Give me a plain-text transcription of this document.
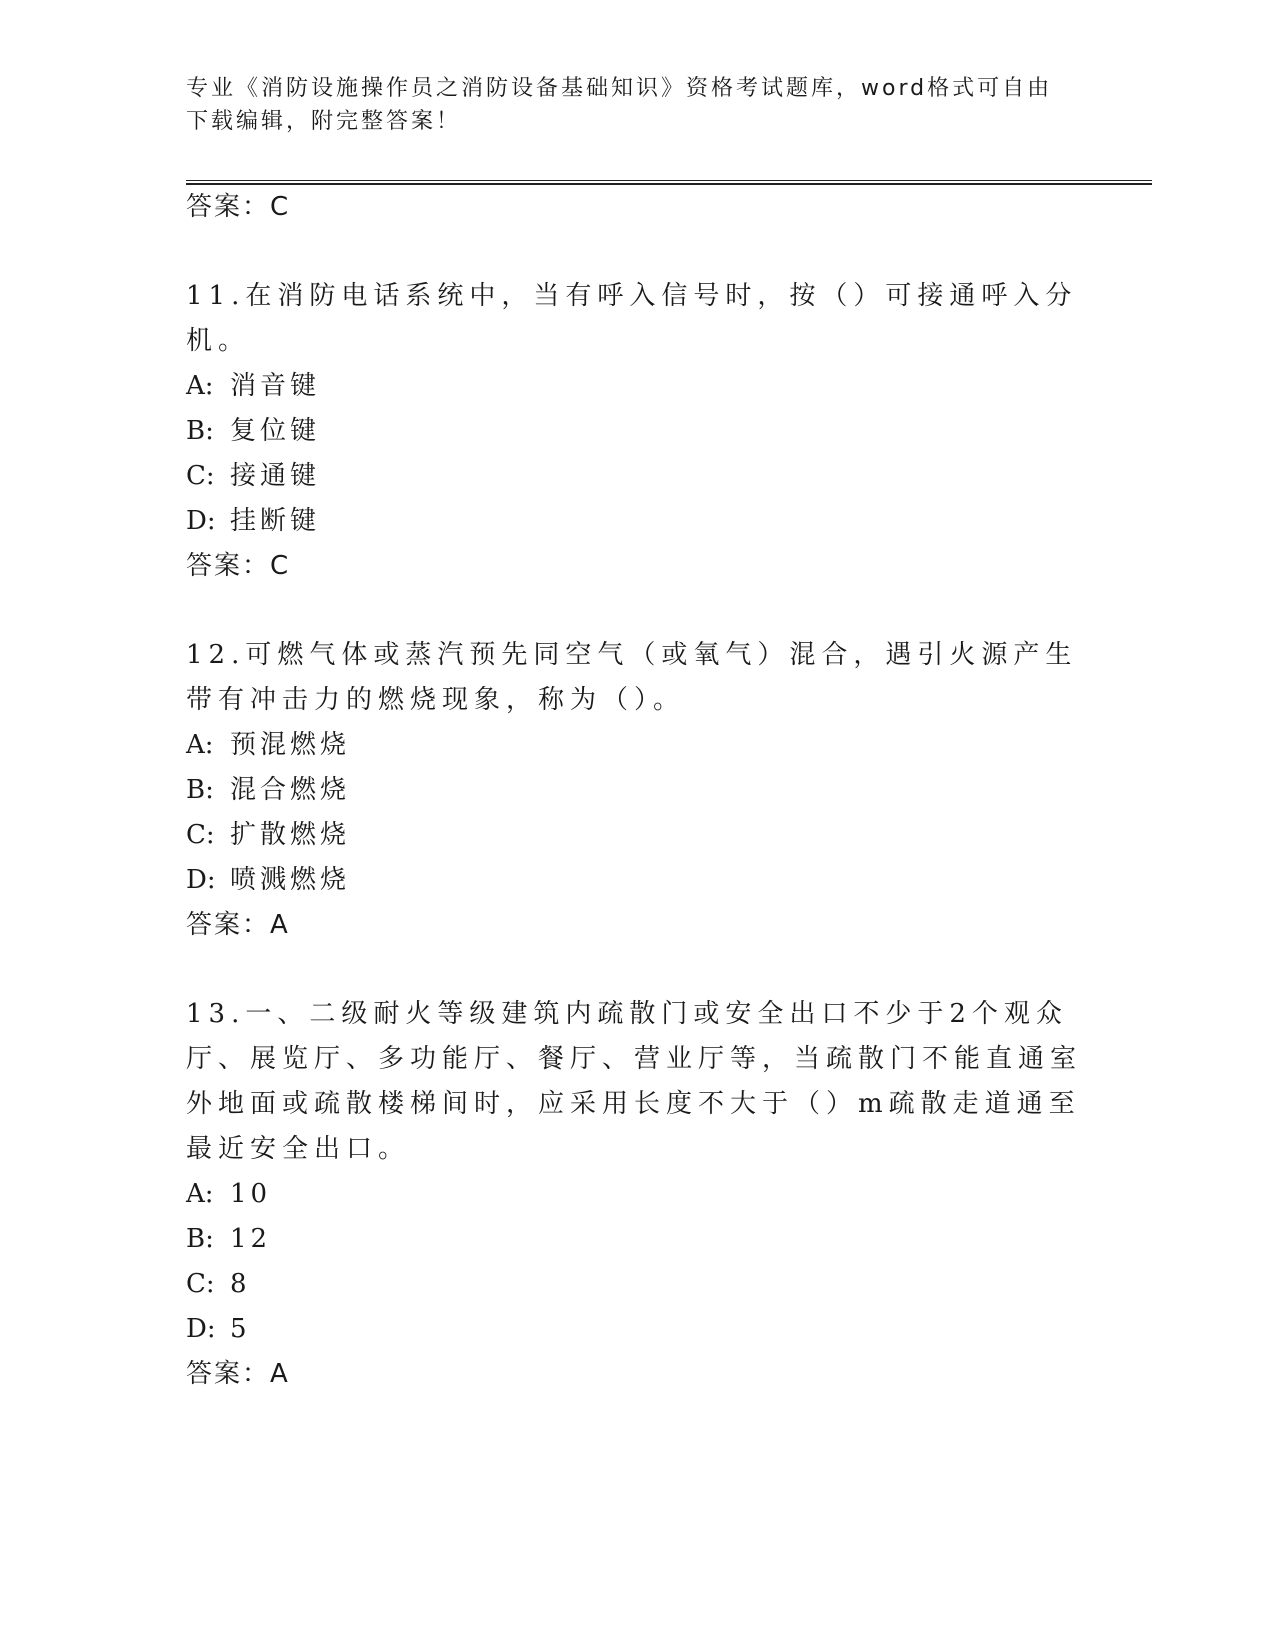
专业《消防设施操作员之消防设备基础知识》资格考试题库，word格式可自由下载编辑，附完整答案！

答案：C

11.在消防电话系统中，当有呼入信号时，按（）可接通呼入分机。

A: 消音键

B: 复位键

C: 接通键

D: 挂断键

答案：C

12.可燃气体或蒸汽预先同空气（或氧气）混合，遇引火源产生带有冲击力的燃烧现象，称为（）。

A: 预混燃烧

B: 混合燃烧

C: 扩散燃烧

D: 喷溅燃烧

答案：A

13.一、二级耐火等级建筑内疏散门或安全出口不少于2个观众厅、展览厅、多功能厅、餐厅、营业厅等，当疏散门不能直通室外地面或疏散楼梯间时，应采用长度不大于（）m疏散走道通至最近安全出口。

A: 10

B: 12

C: 8

D: 5

答案：A
